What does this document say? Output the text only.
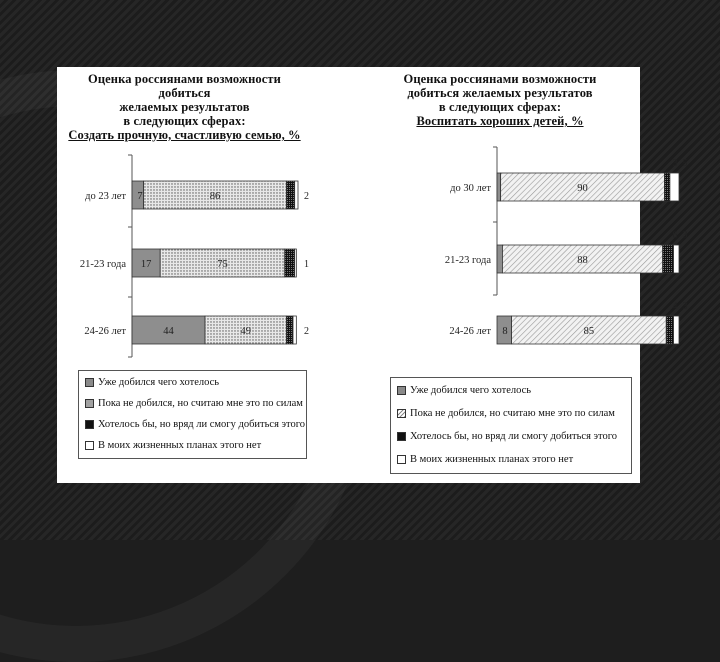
Оценка россиянами возможности добиться
желаемых результатов
в следующих сферах:
Создать прочную, счастливую семью, %
Оценка россиянами возможности
добиться желаемых результатов
в следующих сферах:
Воспитать хороших детей, %
7	86
до 23 лет	2
17	75
21-23 года	1
44	49
24-26 лет	2
90
до 30 лет
3 5
88
21-23 года
6 3
8	85
24-26 лет
4 3
Уже добился чего хотелось
Пока не добился, но считаю мне это по силам
Хотелось бы, но вряд ли смогу добиться этого
В моих жизненных планах этого нет
Уже добился чего хотелось
Пока не добился, но считаю мне это по силам
Хотелось бы, но вряд ли смогу добиться этого
В моих жизненных планах этого нет
